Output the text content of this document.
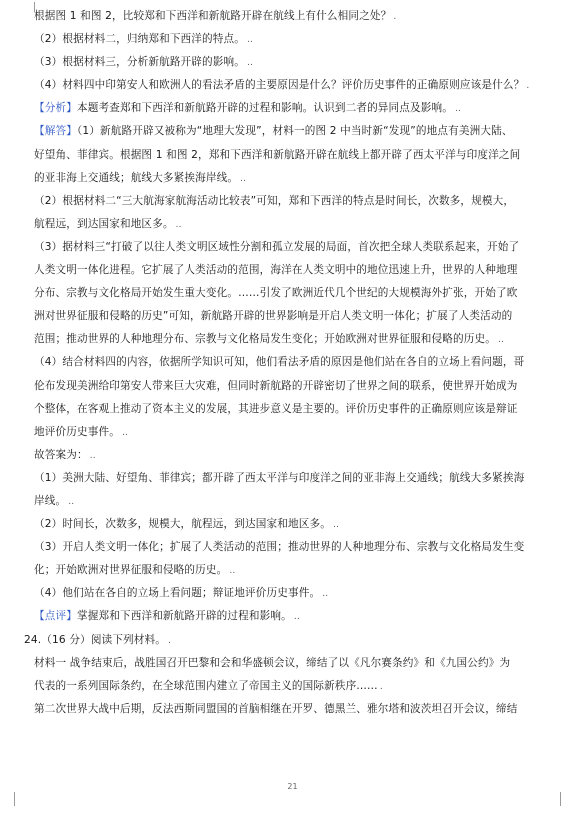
根据图 1 和图 2，比较郑和下西洋和新航路开辟在航线上有什么相同之处？ .
（2）根据材料二，归纳郑和下西洋的特点。 ..
（3）根据材料三，分析新航路开辟的影响。 ..
（4）材料四中印第安人和欧洲人的看法矛盾的主要原因是什么？评价历史事件的正确原则应该是什么？ .
【分析】本题考查郑和下西洋和新航路开辟的过程和影响。认识到二者的异同点及影响。 ..
【解答】（1）新航路开辟又被称为“地理大发现”，材料一的图 2 中当时新“发现”的地点有美洲大陆、
好望角、菲律宾。根据图 1 和图 2，郑和下西洋和新航路开辟在航线上都开辟了西太平洋与印度洋之间
的亚非海上交通线；航线大多紧挨海岸线。 ..
（2）根据材料二“三大航海家航海活动比较表”可知，郑和下西洋的特点是时间长，次数多，规模大，
航程远，到达国家和地区多。 ..
（3）据材料三“打破了以往人类文明区域性分割和孤立发展的局面，首次把全球人类联系起来，开始了
人类文明一体化进程。它扩展了人类活动的范围，海洋在人类文明中的地位迅速上升，世界的人种地理
分布、宗教与文化格局开始发生重大变化。……引发了欧洲近代几个世纪的大规模海外扩张，开始了欧
洲对世界征服和侵略的历史”可知，新航路开辟的世界影响是开启人类文明一体化；扩展了人类活动的
范围；推动世界的人种地理分布、宗教与文化格局发生变化；开始欧洲对世界征服和侵略的历史。 ..
（4）结合材料四的内容，依据所学知识可知，他们看法矛盾的原因是他们站在各自的立场上看问题，哥
伦布发现美洲给印第安人带来巨大灾难，但同时新航路的开辟密切了世界之间的联系，使世界开始成为
个整体，在客观上推动了资本主义的发展，其进步意义是主要的。评价历史事件的正确原则应该是辩证
地评价历史事件。 ..
故答案为： ..
（1）美洲大陆、好望角、菲律宾；都开辟了西太平洋与印度洋之间的亚非海上交通线；航线大多紧挨海
岸线。 ..
（2）时间长，次数多，规模大，航程远，到达国家和地区多。 ..
（3）开启人类文明一体化；扩展了人类活动的范围；推动世界的人种地理分布、宗教与文化格局发生变
化；开始欧洲对世界征服和侵略的历史。 ..
（4）他们站在各自的立场上看问题；辩证地评价历史事件。 ..
【点评】掌握郑和下西洋和新航路开辟的过程和影响。 ..
24.（16 分）阅读下列材料。 .
材料一 战争结束后，战胜国召开巴黎和会和华盛顿会议，缔结了以《凡尔赛条约》和《九国公约》为
代表的一系列国际条约，在全球范围内建立了帝国主义的国际新秩序…… .
第二次世界大战中后期，反法西斯同盟国的首脑相继在开罗、德黑兰、雅尔塔和波茨坦召开会议，缔结
21
